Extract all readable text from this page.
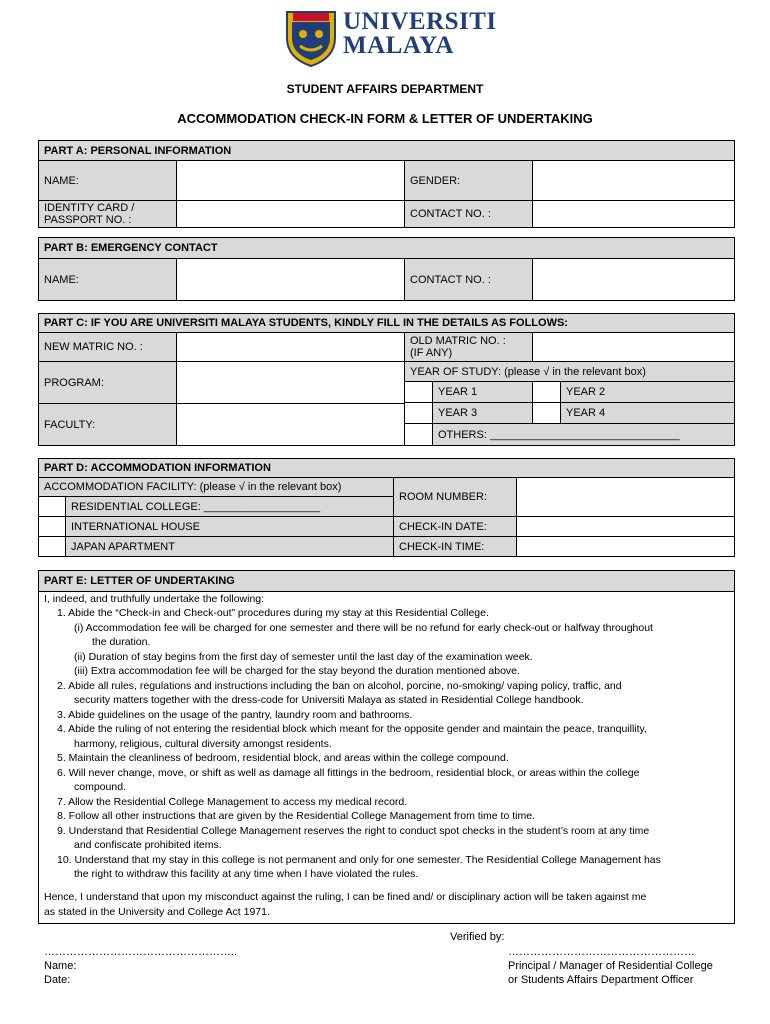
UNIVERSITI
MALAYA
STUDENT AFFAIRS DEPARTMENT
ACCOMMODATION CHECK-IN FORM & LETTER OF UNDERTAKING
PART A: PERSONAL INFORMATION
NAME:	GENDER:
IDENTITY CARD /
PASSPORT NO. :	CONTACT NO. :
PART B: EMERGENCY CONTACT
NAME:	CONTACT NO. :
PART C: IF YOU ARE UNIVERSITI MALAYA STUDENTS, KINDLY FILL IN THE DETAILS AS FOLLOWS:
NEW MATRIC NO. :	OLD MATRIC NO. :
(IF ANY)
PROGRAM:
FACULTY:
YEAR OF STUDY: (please √ in the relevant box)
YEAR 1	YEAR 2
YEAR 3	YEAR 4
OTHERS: _______________________________
PART D: ACCOMMODATION INFORMATION
ACCOMMODATION FACILITY: (please √ in the relevant box)
RESIDENTIAL COLLEGE: ___________________
INTERNATIONAL HOUSE
JAPAN APARTMENT
ROOM NUMBER:
CHECK-IN DATE:
CHECK-IN TIME:
PART E: LETTER OF UNDERTAKING
I, indeed, and truthfully undertake the following:
1. Abide the “Check-in and Check-out” procedures during my stay at this Residential College.
(i) Accommodation fee will be charged for one semester and there will be no refund for early check-out or halfway throughout
the duration.
(ii) Duration of stay begins from the first day of semester until the last day of the examination week.
(iii) Extra accommodation fee will be charged for the stay beyond the duration mentioned above.
2. Abide all rules, regulations and instructions including the ban on alcohol, porcine, no-smoking/ vaping policy, traffic, and
security matters together with the dress-code for Universiti Malaya as stated in Residential College handbook.
3. Abide guidelines on the usage of the pantry, laundry room and bathrooms.
4. Abide the ruling of not entering the residential block which meant for the opposite gender and maintain the peace, tranquillity,
harmony, religious, cultural diversity amongst residents.
5. Maintain the cleanliness of bedroom, residential block, and areas within the college compound.
6. Will never change, move, or shift as well as damage all fittings in the bedroom, residential block, or areas within the college
compound.
7. Allow the Residential College Management to access my medical record.
8. Follow all other instructions that are given by the Residential College Management from time to time.
9. Understand that Residential College Management reserves the right to conduct spot checks in the student’s room at any time
and confiscate prohibited items.
10. Understand that my stay in this college is not permanent and only for one semester. The Residential College Management has
the right to withdraw this facility at any time when I have violated the rules.
Hence, I understand that upon my misconduct against the ruling, I can be fined and/ or disciplinary action will be taken against me
as stated in the University and College Act 1971.
Verified by:
……………………………………………..	……………………………………………
Name:
Date:
Principal / Manager of Residential College
or Students Affairs Department Officer
